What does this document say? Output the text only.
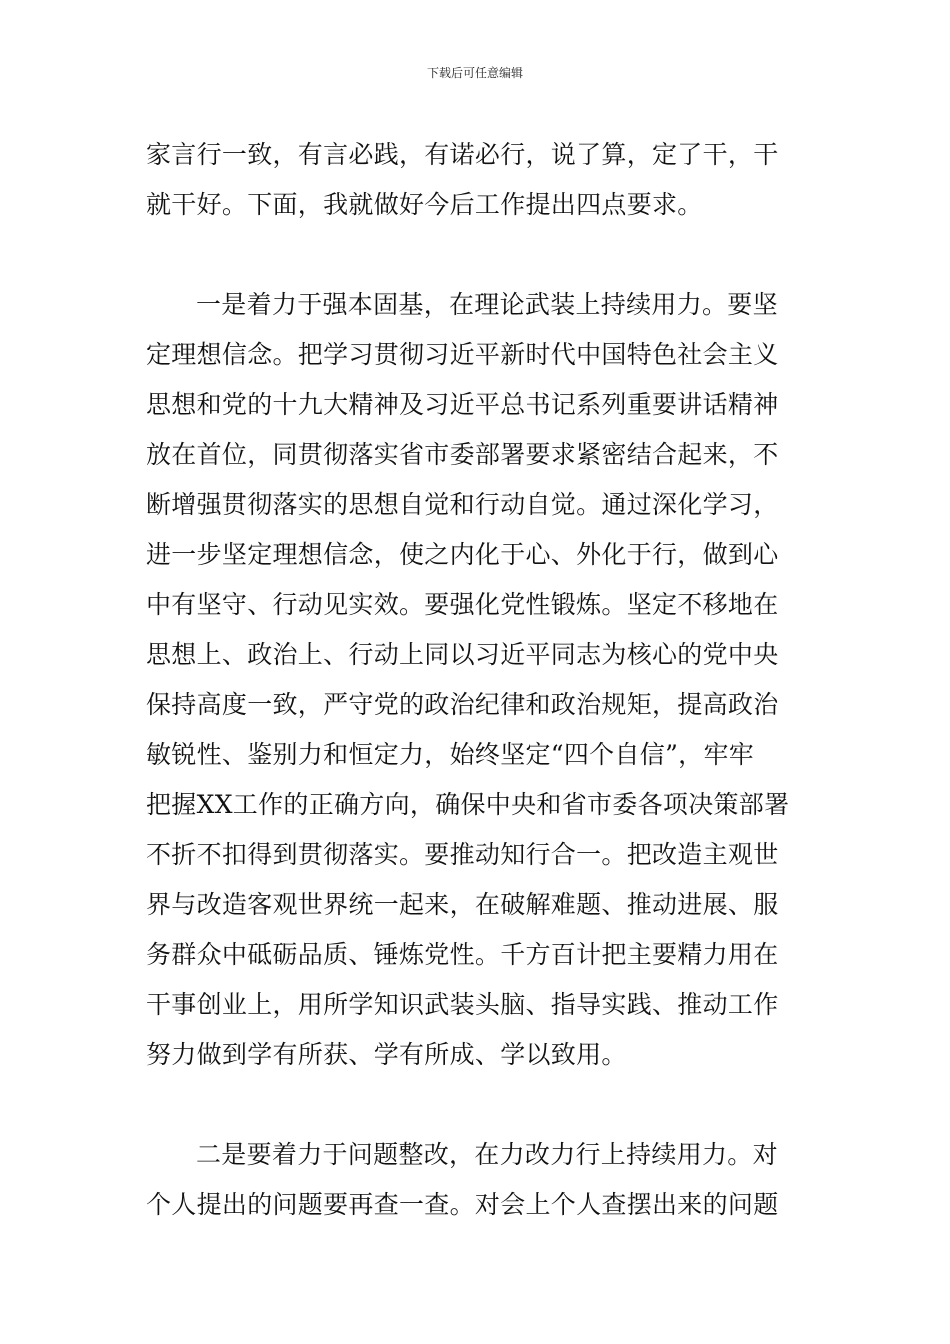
下载后可任意编辑
家言行一致，有言必践，有诺必行，说了算，定了干，干
就干好。下面，我就做好今后工作提出四点要求。
一是着力于强本固基，在理论武装上持续用力。要坚
定理想信念。把学习贯彻习近平新时代中国特色社会主义
思想和党的十九大精神及习近平总书记系列重要讲话精神
放在首位，同贯彻落实省市委部署要求紧密结合起来，不
断增强贯彻落实的思想自觉和行动自觉。通过深化学习，
进一步坚定理想信念，使之内化于心、外化于行，做到心
中有坚守、行动见实效。要强化党性锻炼。坚定不移地在
思想上、政治上、行动上同以习近平同志为核心的党中央
保持高度一致，严守党的政治纪律和政治规矩，提高政治
敏锐性、鉴别力和恒定力，始终坚定“四个自信”，牢牢
把握XX工作的正确方向，确保中央和省市委各项决策部署
不折不扣得到贯彻落实。要推动知行合一。把改造主观世
界与改造客观世界统一起来，在破解难题、推动进展、服
务群众中砥砺品质、锤炼党性。千方百计把主要精力用在
干事创业上，用所学知识武装头脑、指导实践、推动工作
努力做到学有所获、学有所成、学以致用。
二是要着力于问题整改，在力改力行上持续用力。对
个人提出的问题要再查一查。对会上个人查摆出来的问题
